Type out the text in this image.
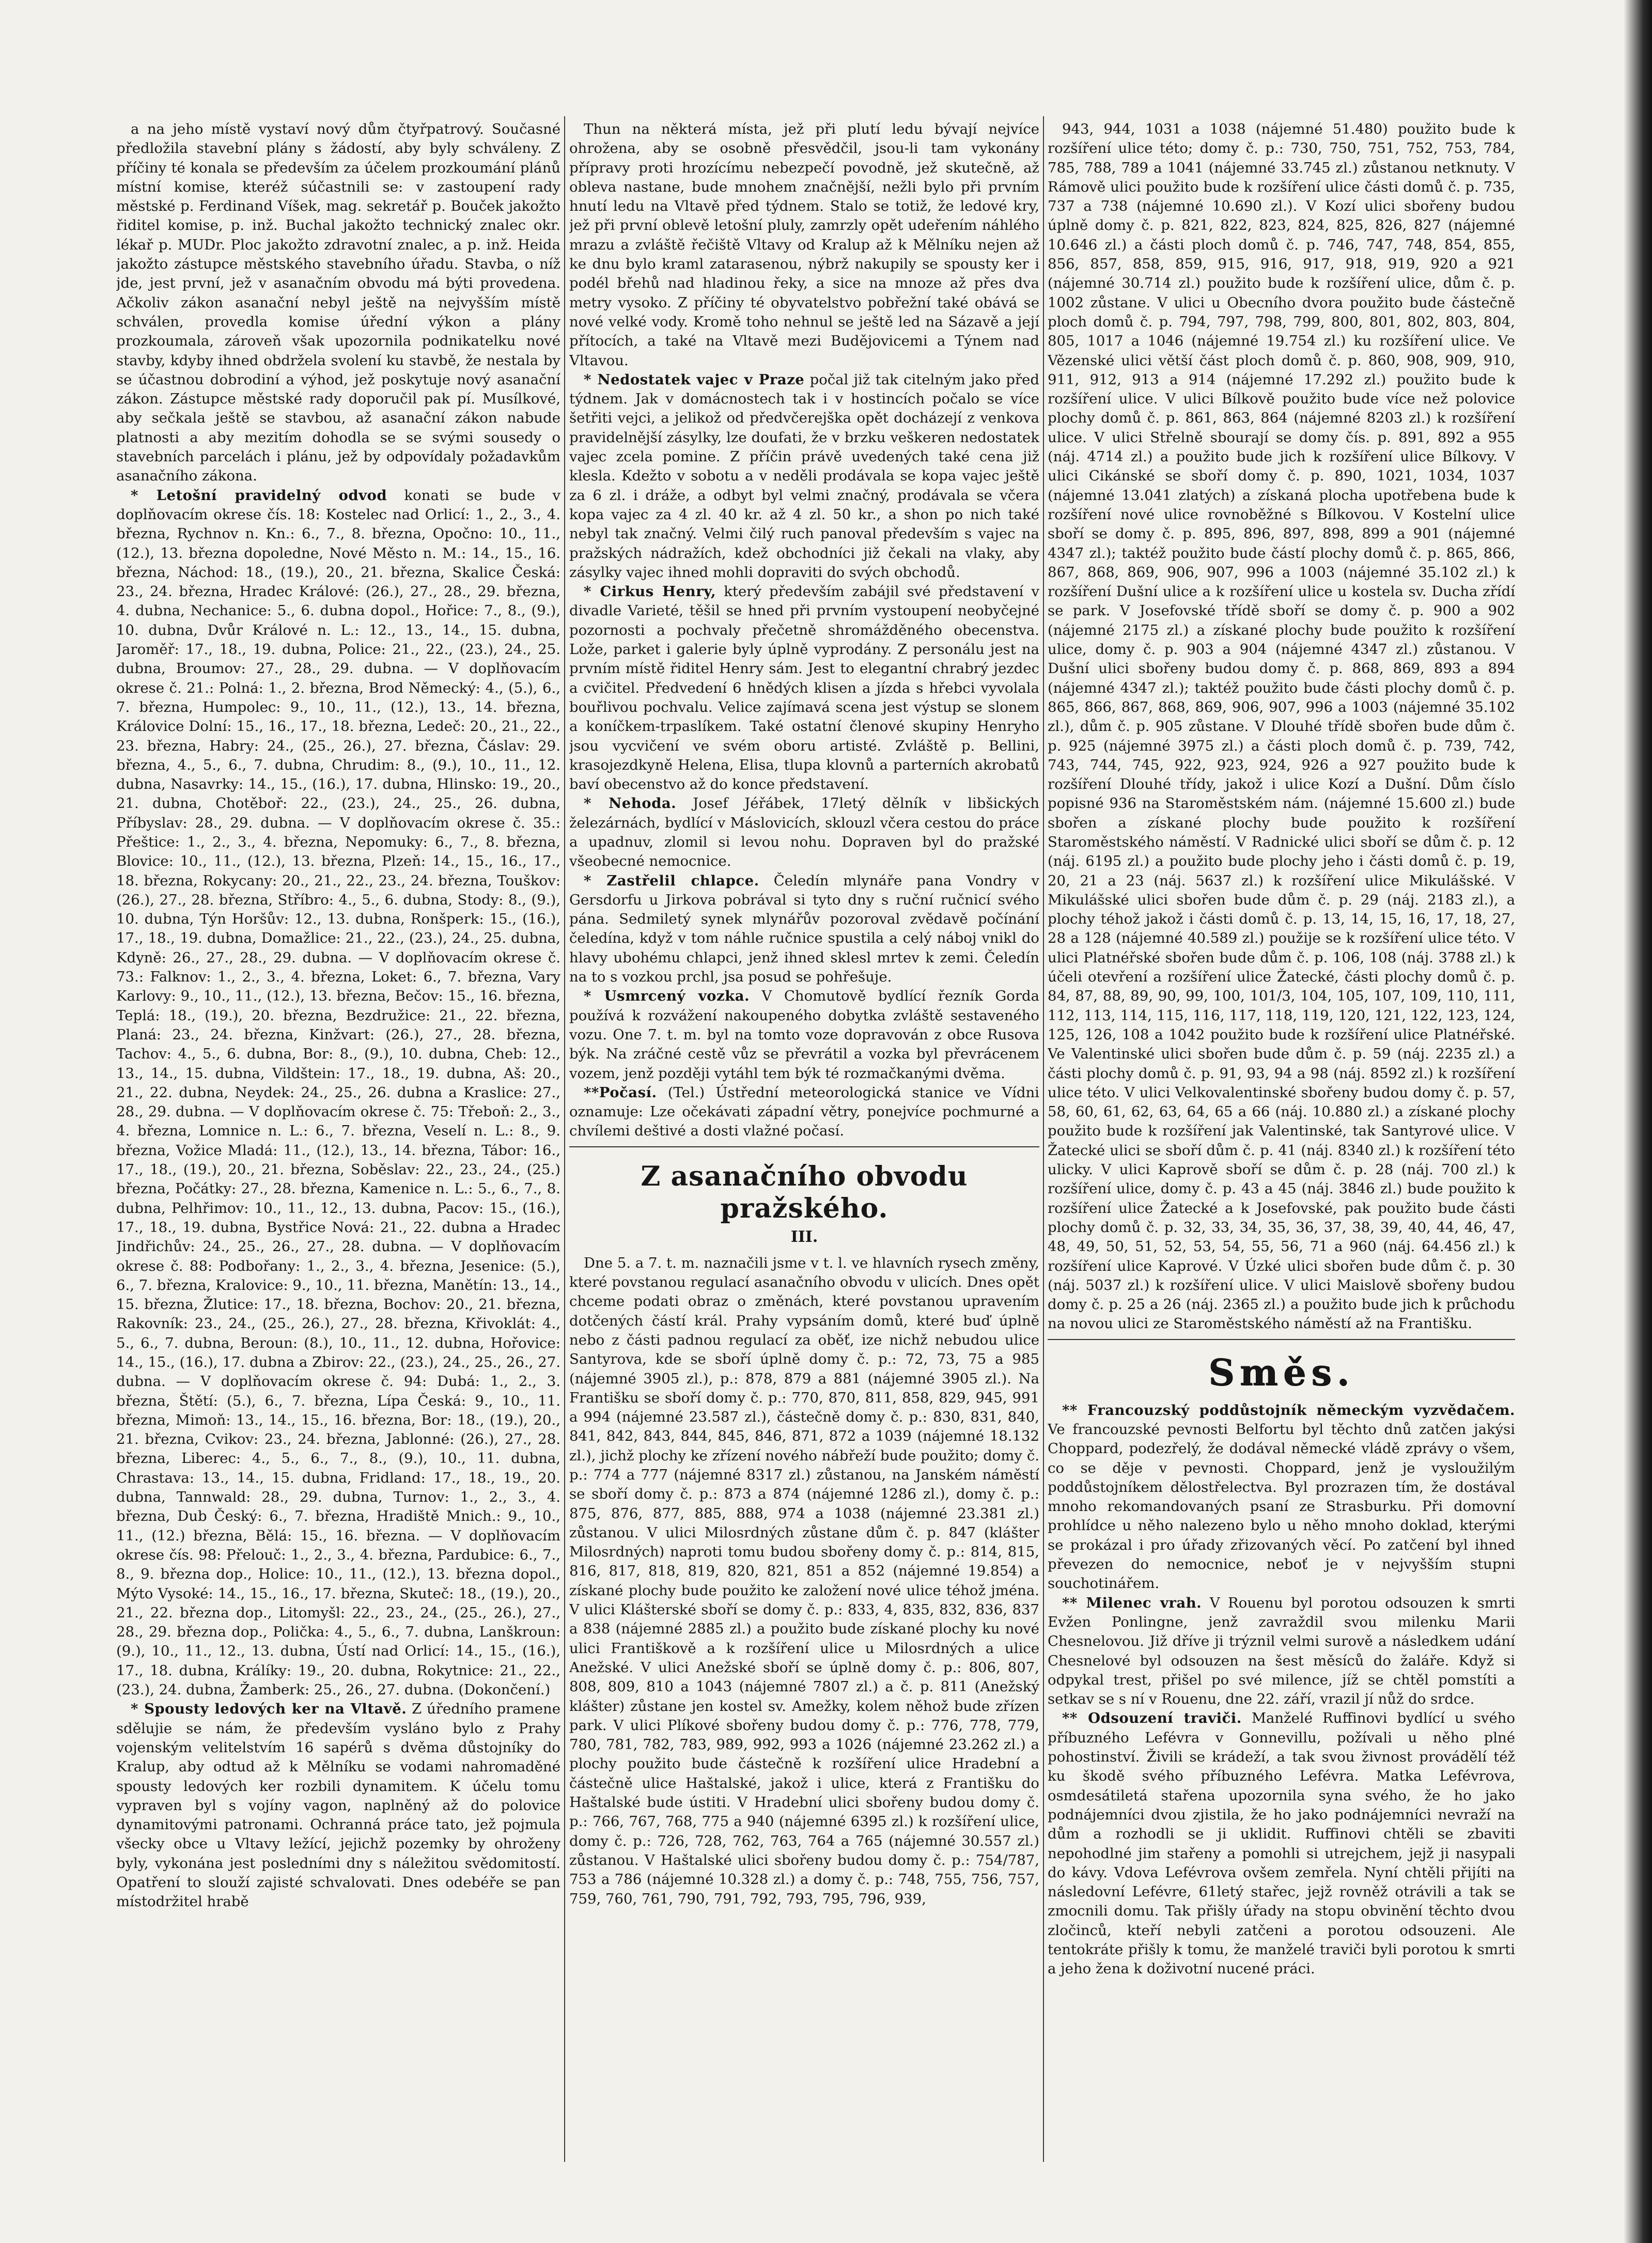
a na jeho místě vystaví nový dům čtyřpatrový. Současné předložila stavební plány s žádostí, aby byly schváleny. Z příčiny té konala se především za účelem prozkoumání plánů místní komise, kteréž súčastnili se: v zastoupení rady městské p. Ferdinand Víšek, mag. sekretář p. Bouček jakožto řiditel komise, p. inž. Buchal jakožto technický znalec okr. lékař p. MUDr. Ploc jakožto zdravotní znalec, a p. inž. Heida jakožto zástupce městského stavebního úřadu. Stavba, o níž jde, jest první, jež v asanačním obvodu má býti provedena. Ačkoliv zákon asanační nebyl ještě na nejvyšším místě schválen, provedla komise úřední výkon a plány prozkoumala, zároveň však upozornila podnikatelku nové stavby, kdyby ihned obdržela svolení ku stavbě, že nestala by se účastnou dobrodiní a výhod, jež poskytuje nový asanační zákon. Zástupce městské rady doporučil pak pí. Musílkové, aby sečkala ještě se stavbou, až asanační zákon nabude platnosti a aby mezitím dohodla se se svými sousedy o stavebních parcelách i plánu, jež by odpovídaly požadavkům asanačního zákona.

* Letošní pravidelný odvod konati se bude v doplňovacím okrese čís. 18: Kostelec nad Orlicí: 1., 2., 3., 4. března, Rychnov n. Kn.: 6., 7., 8. března, Opočno: 10., 11., (12.), 13. března dopoledne, Nové Město n. M.: 14., 15., 16. března, Náchod: 18., (19.), 20., 21. března, Skalice Česká: 23., 24. března, Hradec Králové: (26.), 27., 28., 29. března, 4. dubna, Nechanice: 5., 6. dubna dopol., Hořice: 7., 8., (9.), 10. dubna, Dvůr Králové n. L.: 12., 13., 14., 15. dubna, Jaroměř: 17., 18., 19. dubna, Police: 21., 22., (23.), 24., 25. dubna, Broumov: 27., 28., 29. dubna. — V doplňovacím okrese č. 21.: Polná: 1., 2. března, Brod Německý: 4., (5.), 6., 7. března, Humpolec: 9., 10., 11., (12.), 13., 14. března, Královice Dolní: 15., 16., 17., 18. března, Ledeč: 20., 21., 22., 23. března, Habry: 24., (25., 26.), 27. března, Čáslav: 29. března, 4., 5., 6., 7. dubna, Chrudim: 8., (9.), 10., 11., 12. dubna, Nasavrky: 14., 15., (16.), 17. dubna, Hlinsko: 19., 20., 21. dubna, Chotěboř: 22., (23.), 24., 25., 26. dubna, Příbyslav: 28., 29. dubna. — V doplňovacím okrese č. 35.: Přeštice: 1., 2., 3., 4. března, Nepomuky: 6., 7., 8. března, Blovice: 10., 11., (12.), 13. března, Plzeň: 14., 15., 16., 17., 18. března, Rokycany: 20., 21., 22., 23., 24. března, Touškov: (26.), 27., 28. března, Stříbro: 4., 5., 6. dubna, Stody: 8., (9.), 10. dubna, Týn Horšův: 12., 13. dubna, Ronšperk: 15., (16.), 17., 18., 19. dubna, Domažlice: 21., 22., (23.), 24., 25. dubna, Kdyně: 26., 27., 28., 29. dubna. — V doplňovacím okrese č. 73.: Falknov: 1., 2., 3., 4. března, Loket: 6., 7. března, Vary Karlovy: 9., 10., 11., (12.), 13. března, Bečov: 15., 16. března, Teplá: 18., (19.), 20. března, Bezdružice: 21., 22. března, Planá: 23., 24. března, Kinžvart: (26.), 27., 28. března, Tachov: 4., 5., 6. dubna, Bor: 8., (9.), 10. dubna, Cheb: 12., 13., 14., 15. dubna, Vildštein: 17., 18., 19. dubna, Aš: 20., 21., 22. dubna, Neydek: 24., 25., 26. dubna a Kraslice: 27., 28., 29. dubna. — V doplňovacím okrese č. 75: Třeboň: 2., 3., 4. března, Lomnice n. L.: 6., 7. března, Veselí n. L.: 8., 9. března, Vožice Mladá: 11., (12.), 13., 14. března, Tábor: 16., 17., 18., (19.), 20., 21. března, Soběslav: 22., 23., 24., (25.) března, Počátky: 27., 28. března, Kamenice n. L.: 5., 6., 7., 8. dubna, Pelhřimov: 10., 11., 12., 13. dubna, Pacov: 15., (16.), 17., 18., 19. dubna, Bystřice Nová: 21., 22. dubna a Hradec Jindřichův: 24., 25., 26., 27., 28. dubna. — V doplňovacím okrese č. 88: Podbořany: 1., 2., 3., 4. března, Jesenice: (5.), 6., 7. března, Kralovice: 9., 10., 11. března, Manětín: 13., 14., 15. března, Žlutice: 17., 18. března, Bochov: 20., 21. března, Rakovník: 23., 24., (25., 26.), 27., 28. března, Křivoklát: 4., 5., 6., 7. dubna, Beroun: (8.), 10., 11., 12. dubna, Hořovice: 14., 15., (16.), 17. dubna a Zbirov: 22., (23.), 24., 25., 26., 27. dubna. — V doplňovacím okrese č. 94: Dubá: 1., 2., 3. března, Štětí: (5.), 6., 7. března, Lípa Česká: 9., 10., 11. března, Mimoň: 13., 14., 15., 16. března, Bor: 18., (19.), 20., 21. března, Cvikov: 23., 24. března, Jablonné: (26.), 27., 28. března, Liberec: 4., 5., 6., 7., 8., (9.), 10., 11. dubna, Chrastava: 13., 14., 15. dubna, Fridland: 17., 18., 19., 20. dubna, Tannwald: 28., 29. dubna, Turnov: 1., 2., 3., 4. března, Dub Český: 6., 7. března, Hradiště Mnich.: 9., 10., 11., (12.) března, Bělá: 15., 16. března. — V doplňovacím okrese čís. 98: Přelouč: 1., 2., 3., 4. března, Pardubice: 6., 7., 8., 9. března dop., Holice: 10., 11., (12.), 13. března dopol., Mýto Vysoké: 14., 15., 16., 17. března, Skuteč: 18., (19.), 20., 21., 22. března dop., Litomyšl: 22., 23., 24., (25., 26.), 27., 28., 29. března dop., Polička: 4., 5., 6., 7. dubna, Lanškroun: (9.), 10., 11., 12., 13. dubna, Ústí nad Orlicí: 14., 15., (16.), 17., 18. dubna, Králíky: 19., 20. dubna, Rokytnice: 21., 22., (23.), 24. dubna, Žamberk: 25., 26., 27. dubna. (Dokončení.)

* Spousty ledových ker na Vltavě. Z úředního pramene sdělujie se nám, že především vysláno bylo z Prahy vojenským velitelstvím 16 sapérů s dvěma důstojníky do Kralup, aby odtud až k Mělníku se vodami nahromaděné spousty ledových ker rozbili dynamitem. K účelu tomu vypraven byl s vojíny vagon, naplněný až do polovice dynamitovými patronami. Ochranná práce tato, jež pojmula všecky obce u Vltavy ležící, jejichž pozemky by ohroženy byly, vykonána jest posledními dny s náležitou svědomitostí. Opatření to slouží zajisté schvalovati. Dnes odebéře se pan místodržitel hrabě

Thun na některá místa, jež při plutí ledu bývají nejvíce ohrožena, aby se osobně přesvědčil, jsou-li tam vykonány přípravy proti hrozícímu nebezpečí povodně, jež skutečně, až obleva nastane, bude mnohem značnější, nežli bylo při prvním hnutí ledu na Vltavě před týdnem. Stalo se totiž, že ledové kry, jež při první oblevě letošní pluly, zamrzly opět udeřením náhlého mrazu a zvláště řečiště Vltavy od Kralup až k Mělníku nejen až ke dnu bylo kraml zatarasenou, nýbrž nakupily se spousty ker i podél břehů nad hladinou řeky, a sice na mnoze až přes dva metry vysoko. Z příčiny té obyvatelstvo pobřežní také obává se nové velké vody. Kromě toho nehnul se ještě led na Sázavě a její přítocích, a také na Vltavě mezi Budějovicemi a Týnem nad Vltavou.

* Nedostatek vajec v Praze počal již tak citelným jako před týdnem. Jak v domácnostech tak i v hostincích počalo se více šetřiti vejci, a jelikož od předvčerejška opět docházejí z venkova pravidelnější zásylky, lze doufati, že v brzku veškeren nedostatek vajec zcela pomine. Z příčin právě uvedených také cena již klesla. Kdežto v sobotu a v neděli prodávala se kopa vajec ještě za 6 zl. i dráže, a odbyt byl velmi značný, prodávala se včera kopa vajec za 4 zl. 40 kr. až 4 zl. 50 kr., a shon po nich také nebyl tak značný. Velmi čilý ruch panoval především s vajec na pražských nádražích, kdež obchodníci již čekali na vlaky, aby zásylky vajec ihned mohli dopraviti do svých obchodů.

* Cirkus Henry, který především zabájil své představení v divadle Varieté, těšil se hned při prvním vystoupení neobyčejné pozornosti a pochvaly přečetně shromážděného obecenstva. Lože, parket i galerie byly úplně vyprodány. Z personálu jest na prvním místě řiditel Henry sám. Jest to elegantní chrabrý jezdec a cvičitel. Předvedení 6 hnědých klisen a jízda s hřebci vyvolala bouřlivou pochvalu. Velice zajímavá scena jest výstup se slonem a koníčkem-trpaslíkem. Také ostatní členové skupiny Henryho jsou vycvičení ve svém oboru artisté. Zvláště p. Bellini, krasojezdkyně Helena, Elisa, tlupa klovnů a parterních akrobatů baví obecenstvo až do konce představení.

* Nehoda. Josef Jéřábek, 17letý dělník v libšických železárnách, bydlící v Máslovicích, sklouzl včera cestou do práce a upadnuv, zlomil si levou nohu. Dopraven byl do pražské všeobecné nemocnice.

* Zastřelil chlapce. Čeledín mlynáře pana Vondry v Gersdorfu u Jirkova pobrával si tyto dny s ruční ručnicí svého pána. Sedmiletý synek mlynářův pozoroval zvědavě počínání čeledína, když v tom náhle ručnice spustila a celý náboj vnikl do hlavy ubohému chlapci, jenž ihned sklesl mrtev k zemi. Čeledín na to s vozkou prchl, jsa posud se pohřešuje.

* Usmrcený vozka. V Chomutově bydlící řezník Gorda používá k rozvážení nakoupeného dobytka zvláště sestaveného vozu. One 7. t. m. byl na tomto voze dopravován z obce Rusova býk. Na zráčné cestě vůz se převrátil a vozka byl převrácenem vozem, jenž později vytáhl tem býk té rozmačkanými dvěma.

**Počasí. (Tel.) Ústřední meteorologická stanice ve Vídni oznamuje: Lze očekávati západní větry, ponejvíce pochmurné a chvílemi deštivé a dosti vlažné počasí.

Z asanačního obvodu pražského.
III.

Dne 5. a 7. t. m. naznačili jsme v t. l. ve hlavních rysech změny, které povstanou regulací asanačního obvodu v ulicích. Dnes opět chceme podati obraz o změnách, které povstanou upravením dotčených částí král. Prahy vypsáním domů, které buď úplně nebo z části padnou regulací za oběť, ize nichž nebudou ulice Santyrova, kde se sboří úplně domy č. p.: 72, 73, 75 a 985 (nájemné 3905 zl.), p.: 878, 879 a 881 (nájemné 3905 zl.). Na Františku se sboří domy č. p.: 770, 870, 811, 858, 829, 945, 991 a 994 (nájemné 23.587 zl.), částečně domy č. p.: 830, 831, 840, 841, 842, 843, 844, 845, 846, 871, 872 a 1039 (nájemné 18.132 zl.), jichž plochy ke zřízení nového nábřeží bude použito; domy č. p.: 774 a 777 (nájemné 8317 zl.) zůstanou, na Janském náměstí se sboří domy č. p.: 873 a 874 (nájemné 1286 zl.), domy č. p.: 875, 876, 877, 885, 888, 974 a 1038 (nájemné 23.381 zl.) zůstanou. V ulici Milosrdných zůstane dům č. p. 847 (klášter Milosrdných) naproti tomu budou sbořeny domy č. p.: 814, 815, 816, 817, 818, 819, 820, 821, 851 a 852 (nájemné 19.854) a získané plochy bude použito ke založení nové ulice téhož jména. V ulici Klášterské sboří se domy č. p.: 833, 4, 835, 832, 836, 837 a 838 (nájemné 2885 zl.) a použito bude získané plochy ku nové ulici Františkově a k rozšíření ulice u Milosrdných a ulice Anežské. V ulici Anežské sboří se úplně domy č. p.: 806, 807, 808, 809, 810 a 1043 (nájemné 7807 zl.) a č. p. 811 (Anežský klášter) zůstane jen kostel sv. Amežky, kolem něhož bude zřízen park. V ulici Plíkové sbořeny budou domy č. p.: 776, 778, 779, 780, 781, 782, 783, 989, 992, 993 a 1026 (nájemné 23.262 zl.) a plochy použito bude částečně k rozšíření ulice Hradební a částečně ulice Haštalské, jakož i ulice, která z Františku do Haštalské bude ústiti. V Hradební ulici sbořeny budou domy č. p.: 766, 767, 768, 775 a 940 (nájemné 6395 zl.) k rozšíření ulice, domy č. p.: 726, 728, 762, 763, 764 a 765 (nájemné 30.557 zl.) zůstanou. V Haštalské ulici sbořeny budou domy č. p.: 754/787, 753 a 786 (nájemné 10.328 zl.) a domy č. p.: 748, 755, 756, 757, 759, 760, 761, 790, 791, 792, 793, 795, 796, 939,

943, 944, 1031 a 1038 (nájemné 51.480) použito bude k rozšíření ulice této; domy č. p.: 730, 750, 751, 752, 753, 784, 785, 788, 789 a 1041 (nájemné 33.745 zl.) zůstanou netknuty. V Rámově ulici použito bude k rozšíření ulice části domů č. p. 735, 737 a 738 (nájemné 10.690 zl.). V Kozí ulici sbořeny budou úplně domy č. p. 821, 822, 823, 824, 825, 826, 827 (nájemné 10.646 zl.) a části ploch domů č. p. 746, 747, 748, 854, 855, 856, 857, 858, 859, 915, 916, 917, 918, 919, 920 a 921 (nájemné 30.714 zl.) použito bude k rozšíření ulice, dům č. p. 1002 zůstane. V ulici u Obecního dvora použito bude částečně ploch domů č. p. 794, 797, 798, 799, 800, 801, 802, 803, 804, 805, 1017 a 1046 (nájemné 19.754 zl.) ku rozšíření ulice. Ve Vězenské ulici větší část ploch domů č. p. 860, 908, 909, 910, 911, 912, 913 a 914 (nájemné 17.292 zl.) použito bude k rozšíření ulice. V ulici Bílkově použito bude více než polovice plochy domů č. p. 861, 863, 864 (nájemné 8203 zl.) k rozšíření ulice. V ulici Střelně sbourají se domy čís. p. 891, 892 a 955 (náj. 4714 zl.) a použito bude jich k rozšíření ulice Bílkovy. V ulici Cikánské se sboří domy č. p. 890, 1021, 1034, 1037 (nájemné 13.041 zlatých) a získaná plocha upotřebena bude k rozšíření nové ulice rovnoběžné s Bílkovou. V Kostelní ulice sboří se domy č. p. 895, 896, 897, 898, 899 a 901 (nájemné 4347 zl.); taktéž použito bude částí plochy domů č. p. 865, 866, 867, 868, 869, 906, 907, 996 a 1003 (nájemné 35.102 zl.) k rozšíření Dušní ulice a k rozšíření ulice u kostela sv. Ducha zřídí se park. V Josefovské třídě sboří se domy č. p. 900 a 902 (nájemné 2175 zl.) a získané plochy bude použito k rozšíření ulice, domy č. p. 903 a 904 (nájemné 4347 zl.) zůstanou. V Dušní ulici sbořeny budou domy č. p. 868, 869, 893 a 894 (nájemné 4347 zl.); taktéž použito bude části plochy domů č. p. 865, 866, 867, 868, 869, 906, 907, 996 a 1003 (nájemné 35.102 zl.), dům č. p. 905 zůstane. V Dlouhé třídě sbořen bude dům č. p. 925 (nájemné 3975 zl.) a části ploch domů č. p. 739, 742, 743, 744, 745, 922, 923, 924, 926 a 927 použito bude k rozšíření Dlouhé třídy, jakož i ulice Kozí a Dušní. Dům číslo popisné 936 na Staroměstském nám. (nájemné 15.600 zl.) bude sbořen a získané plochy bude použito k rozšíření Staroměstského náměstí. V Radnické ulici sboří se dům č. p. 12 (náj. 6195 zl.) a použito bude plochy jeho i části domů č. p. 19, 20, 21 a 23 (náj. 5637 zl.) k rozšíření ulice Mikulášské. V Mikulášské ulici sbořen bude dům č. p. 29 (náj. 2183 zl.), a plochy téhož jakož i části domů č. p. 13, 14, 15, 16, 17, 18, 27, 28 a 128 (nájemné 40.589 zl.) použije se k rozšíření ulice této. V ulici Platnéřské sbořen bude dům č. p. 106, 108 (náj. 3788 zl.) k účeli otevření a rozšíření ulice Žatecké, části plochy domů č. p. 84, 87, 88, 89, 90, 99, 100, 101/3, 104, 105, 107, 109, 110, 111, 112, 113, 114, 115, 116, 117, 118, 119, 120, 121, 122, 123, 124, 125, 126, 108 a 1042 použito bude k rozšíření ulice Platnéřské. Ve Valentinské ulici sbořen bude dům č. p. 59 (náj. 2235 zl.) a části plochy domů č. p. 91, 93, 94 a 98 (náj. 8592 zl.) k rozšíření ulice této. V ulici Velkovalentinské sbořeny budou domy č. p. 57, 58, 60, 61, 62, 63, 64, 65 a 66 (náj. 10.880 zl.) a získané plochy použito bude k rozšíření jak Valentinské, tak Santyrové ulice. V Žatecké ulici se sboří dům č. p. 41 (náj. 8340 zl.) k rozšíření této ulicky. V ulici Kaprově sboří se dům č. p. 28 (náj. 700 zl.) k rozšíření ulice, domy č. p. 43 a 45 (náj. 3846 zl.) bude použito k rozšíření ulice Žatecké a k Josefovské, pak použito bude části plochy domů č. p. 32, 33, 34, 35, 36, 37, 38, 39, 40, 44, 46, 47, 48, 49, 50, 51, 52, 53, 54, 55, 56, 71 a 960 (náj. 64.456 zl.) k rozšíření ulice Kaprové. V Úzké ulici sbořen bude dům č. p. 30 (náj. 5037 zl.) k rozšíření ulice. V ulici Maislově sbořeny budou domy č. p. 25 a 26 (náj. 2365 zl.) a použito bude jich k průchodu na novou ulici ze Staroměstského náměstí až na Františku.

Směs.

** Francouzský poddůstojník německým vyzvědačem. Ve francouzské pevnosti Belfortu byl těchto dnů zatčen jakýsi Choppard, podezřelý, že dodával německé vládě zprávy o všem, co se děje v pevnosti. Choppard, jenž je vysloužilým poddůstojníkem dělostřelectva. Byl prozrazen tím, že dostával mnoho rekomandovaných psaní ze Strasburku. Při domovní prohlídce u něho nalezeno bylo u něho mnoho doklad, kterými se prokázal i pro úřady zřizovaných věcí. Po zatčení byl ihned převezen do nemocnice, neboť je v nejvyšším stupni souchotinářem.

** Milenec vrah. V Rouenu byl porotou odsouzen k smrti Evžen Ponlingne, jenž zavraždil svou milenku Marii Chesnelovou. Již dříve ji trýznil velmi surově a následkem udání Chesnelové byl odsouzen na šest měsíců do žaláře. Když si odpykal trest, přišel po své milence, jíž se chtěl pomstíti a setkav se s ní v Rouenu, dne 22. září, vrazil jí nůž do srdce.

** Odsouzení traviči. Manželé Ruffinovi bydlící u svého příbuzného Lefévra v Gonnevillu, požívali u něho plné pohostinství. Živili se krádeží, a tak svou živnost provádělí též ku škodě svého příbuzného Lefévra. Matka Lefévrova, osmdesátiletá stařena upozornila syna svého, že ho jako podnájemníci dvou zjistila, že ho jako podnájemníci nevraží na dům a rozhodli se ji uklidit. Ruffinovi chtěli se zbaviti nepohodlné jim stařeny a pomohli si utrejchem, jejž ji nasypali do kávy. Vdova Lefévrova ovšem zemřela. Nyní chtěli přijíti na následovní Lefévre, 61letý stařec, jejž rovněž otrávili a tak se zmocnili domu. Tak přišly úřady na stopu obvinění těchto dvou zločinců, kteří nebyli zatčeni a porotou odsouzeni. Ale tentokráte přišly k tomu, že manželé traviči byli porotou k smrti a jeho žena k doživotní nucené práci.
